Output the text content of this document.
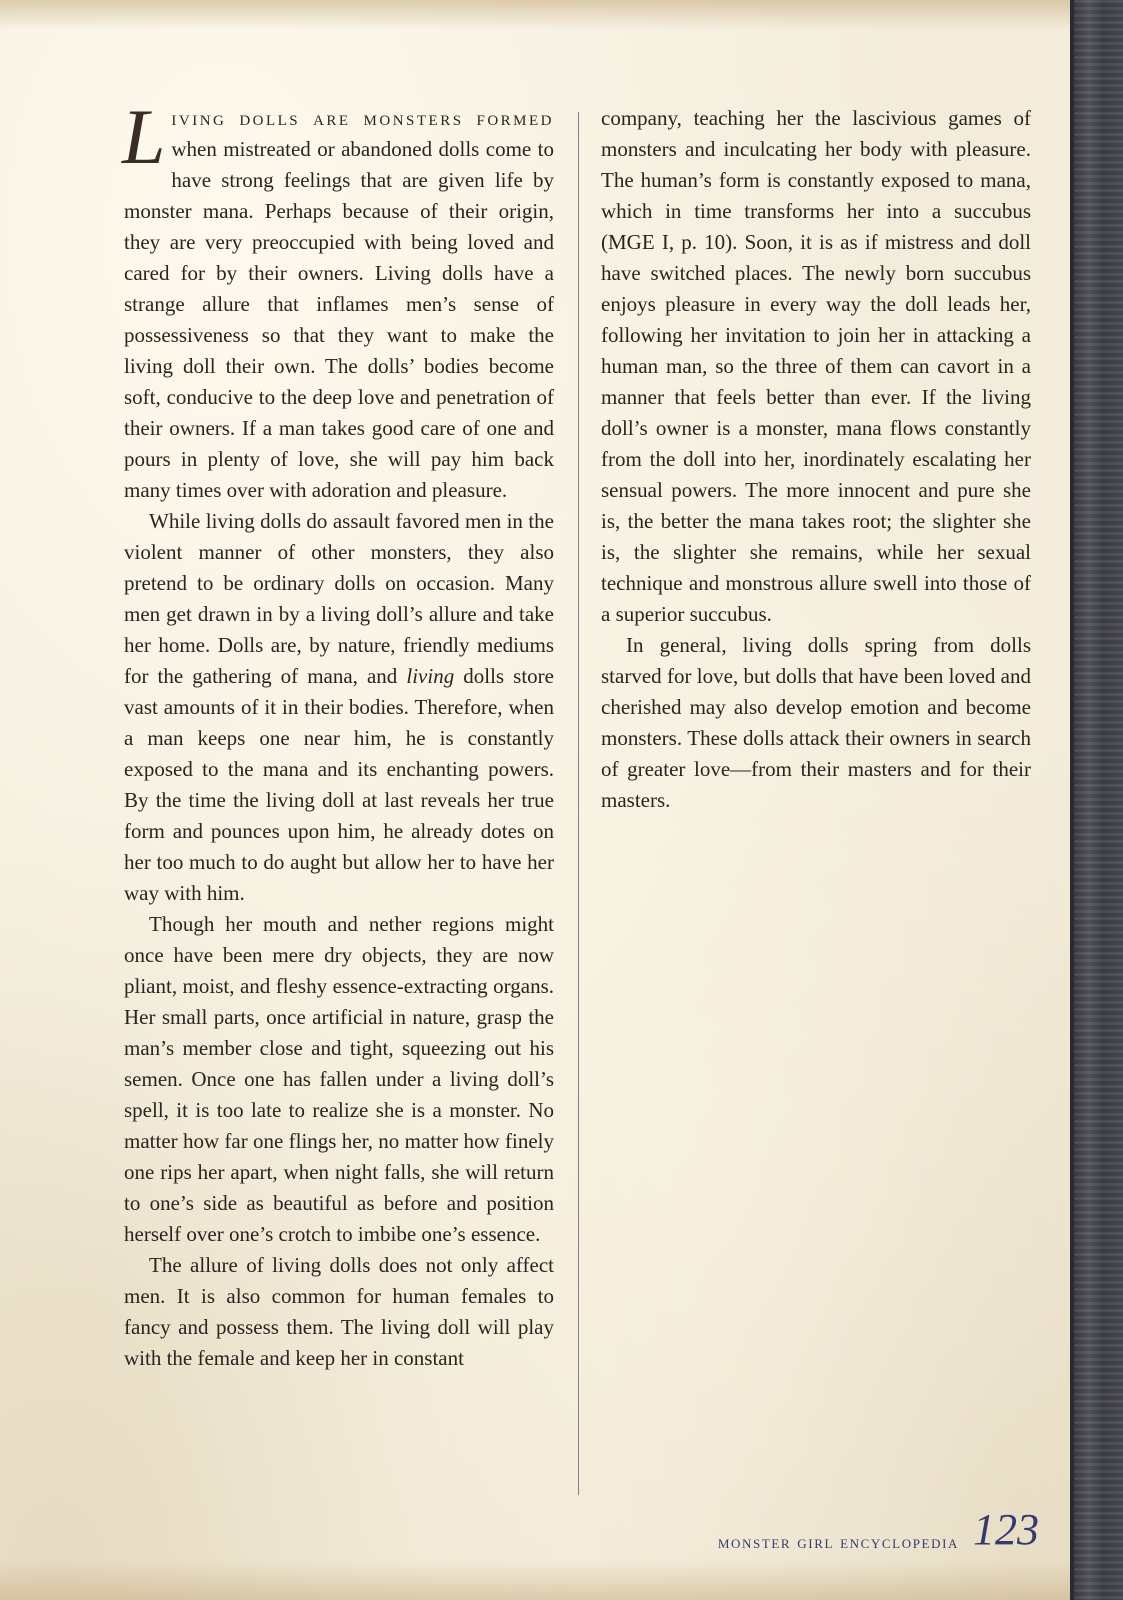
Living dolls are monsters formed when mistreated or abandoned dolls come to have strong feelings that are given life by monster mana. Perhaps because of their origin, they are very preoccupied with being loved and cared for by their owners. Living dolls have a strange allure that inflames men’s sense of possessiveness so that they want to make the living doll their own. The dolls’ bodies become soft, conducive to the deep love and penetration of their owners. If a man takes good care of one and pours in plenty of love, she will pay him back many times over with adoration and pleasure.

While living dolls do assault favored men in the violent manner of other monsters, they also pretend to be ordinary dolls on occasion. Many men get drawn in by a living doll’s allure and take her home. Dolls are, by nature, friendly mediums for the gathering of mana, and living dolls store vast amounts of it in their bodies. Therefore, when a man keeps one near him, he is constantly exposed to the mana and its enchanting powers. By the time the living doll at last reveals her true form and pounces upon him, he already dotes on her too much to do aught but allow her to have her way with him.

Though her mouth and nether regions might once have been mere dry objects, they are now pliant, moist, and fleshy essence-extracting organs. Her small parts, once artificial in nature, grasp the man’s member close and tight, squeezing out his semen. Once one has fallen under a living doll’s spell, it is too late to realize she is a monster. No matter how far one flings her, no matter how finely one rips her apart, when night falls, she will return to one’s side as beautiful as before and position herself over one’s crotch to imbibe one’s essence.

The allure of living dolls does not only affect men. It is also common for human females to fancy and possess them. The living doll will play with the female and keep her in constant

company, teaching her the lascivious games of monsters and inculcating her body with pleasure. The human’s form is constantly exposed to mana, which in time transforms her into a succubus (MGE I, p. 10). Soon, it is as if mistress and doll have switched places. The newly born succubus enjoys pleasure in every way the doll leads her, following her invitation to join her in attacking a human man, so the three of them can cavort in a manner that feels better than ever. If the living doll’s owner is a monster, mana flows constantly from the doll into her, inordinately escalating her sensual powers. The more innocent and pure she is, the better the mana takes root; the slighter she is, the slighter she remains, while her sexual technique and monstrous allure swell into those of a superior succubus.

In general, living dolls spring from dolls starved for love, but dolls that have been loved and cherished may also develop emotion and become monsters. These dolls attack their owners in search of greater love—from their masters and for their masters.

monster girl encyclopedia 123
